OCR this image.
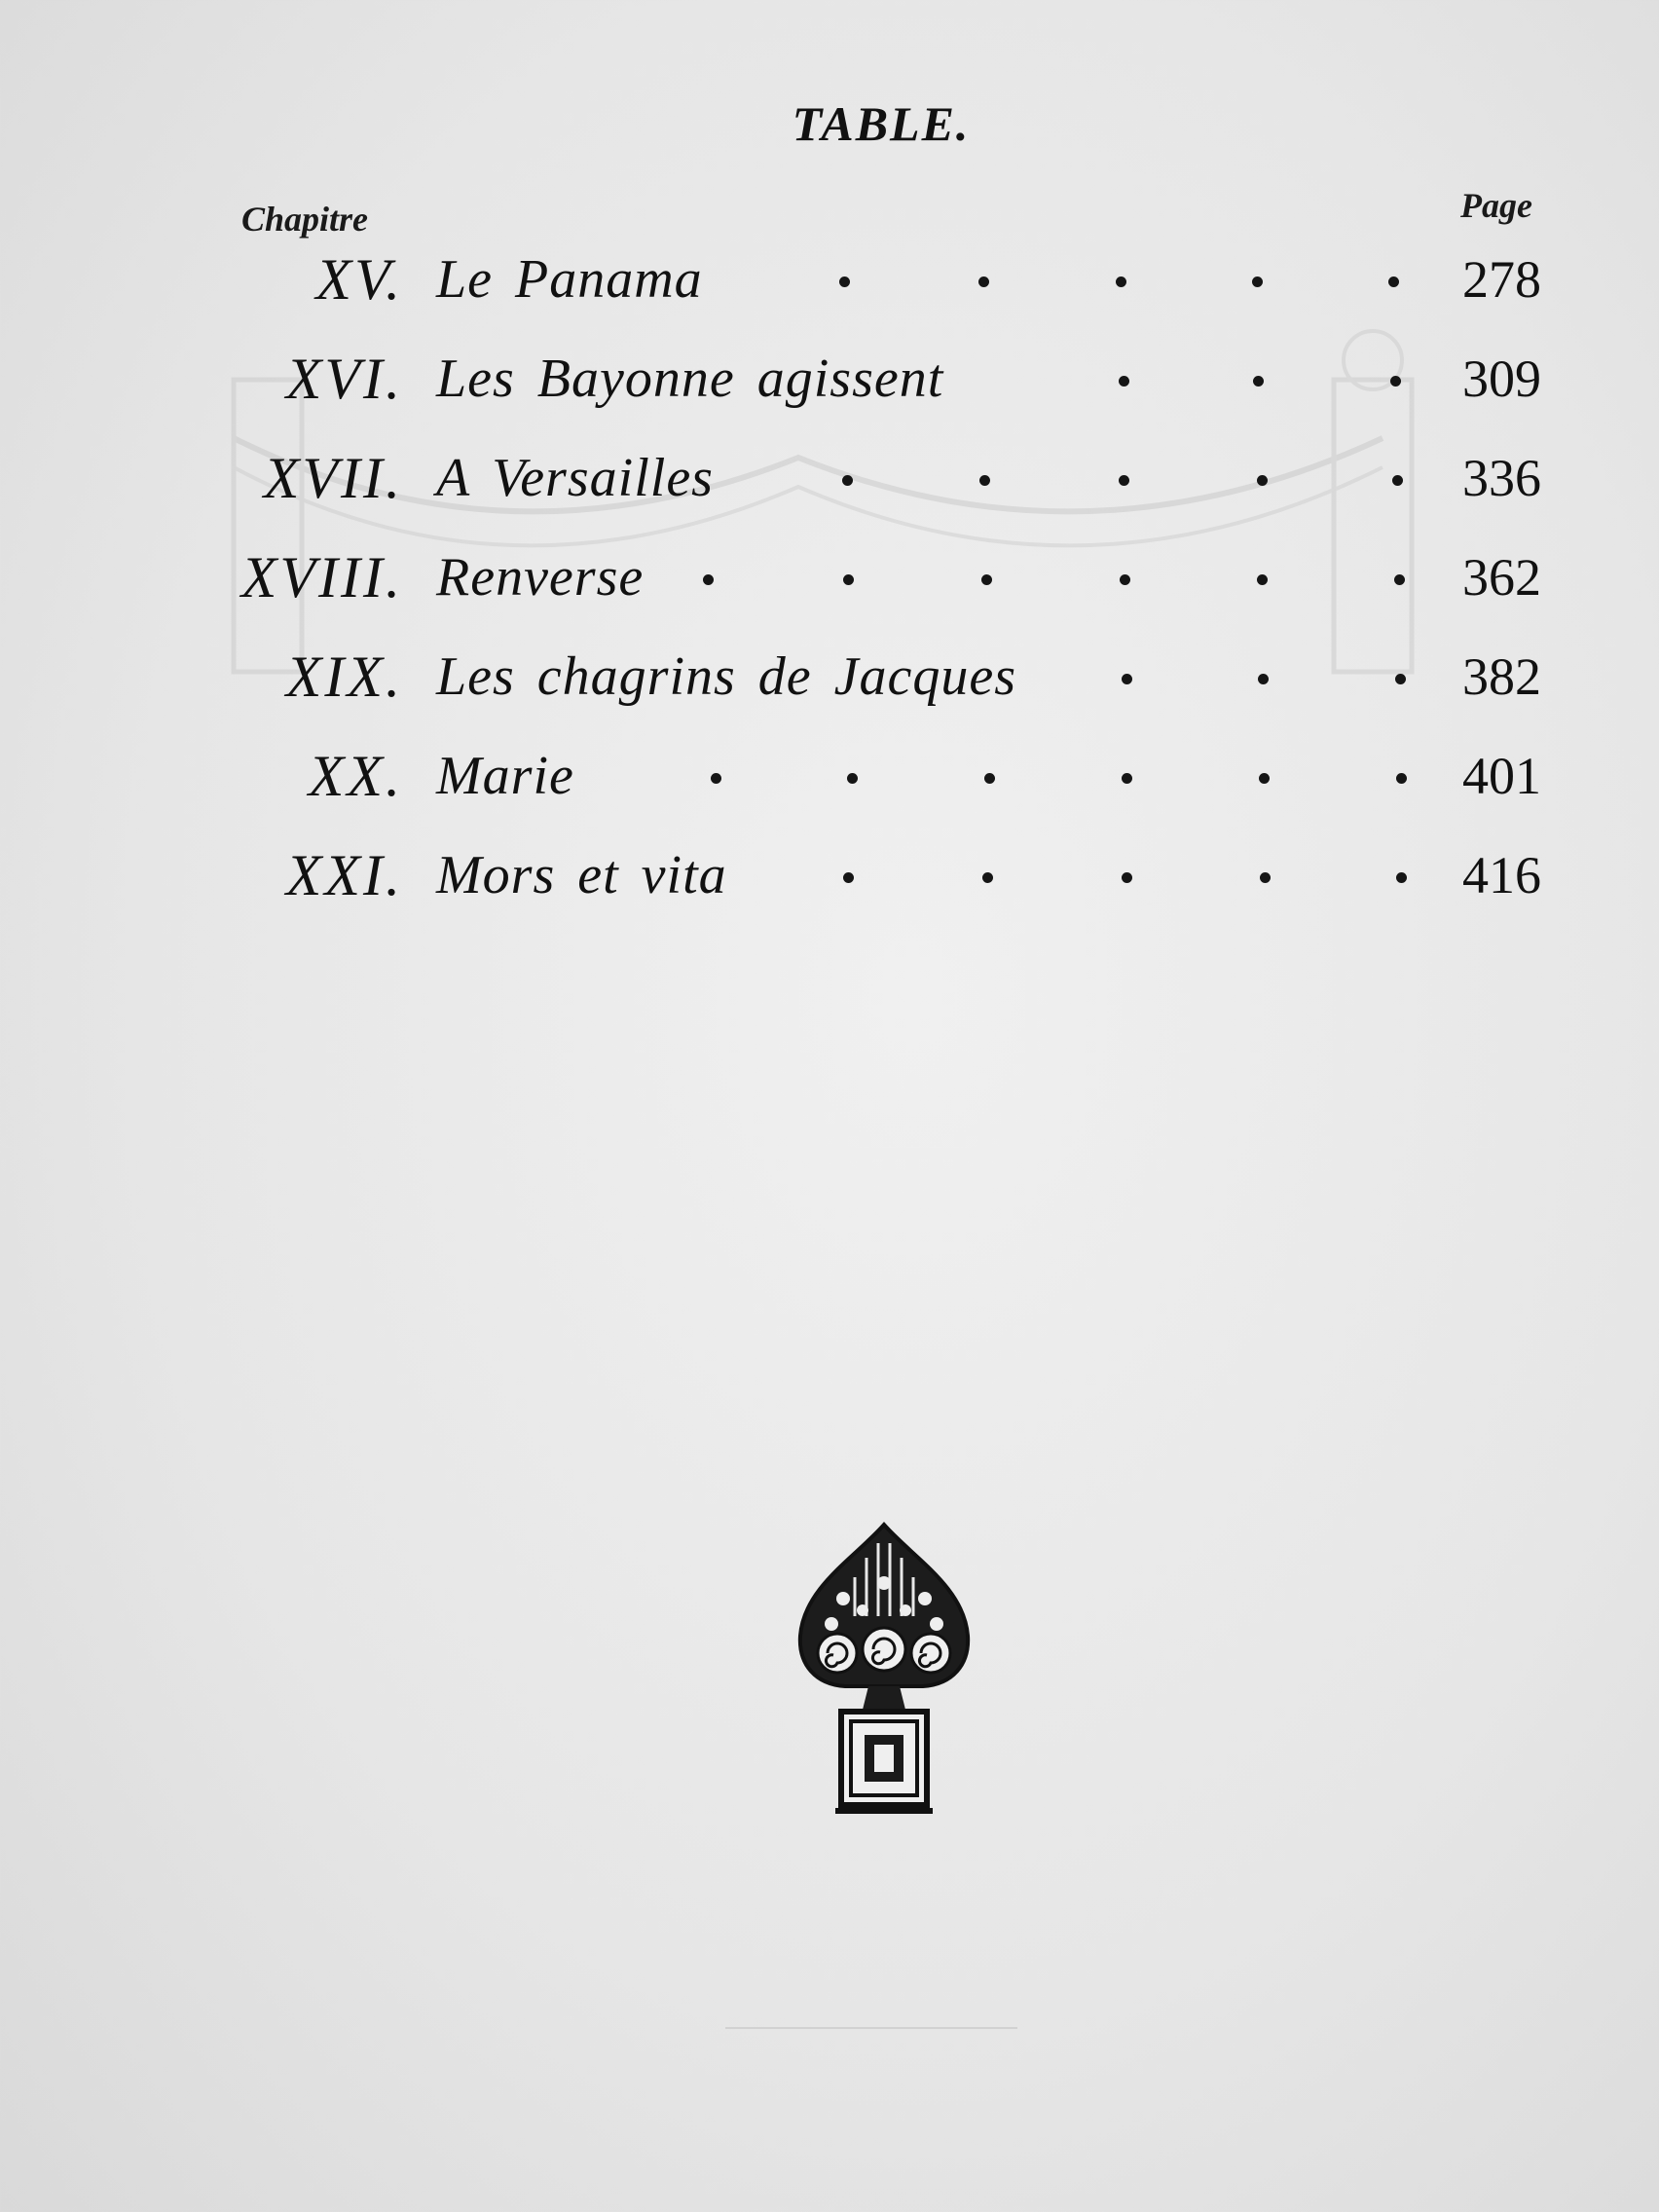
TABLE.
Chapitre	Page
XV. Le Panama	278
XVI. Les Bayonne agissent	309
XVII. A Versailles	336
XVIII. Renverse	362
XIX. Les chagrins de Jacques	382
XX. Marie	401
XXI. Mors et vita	416
